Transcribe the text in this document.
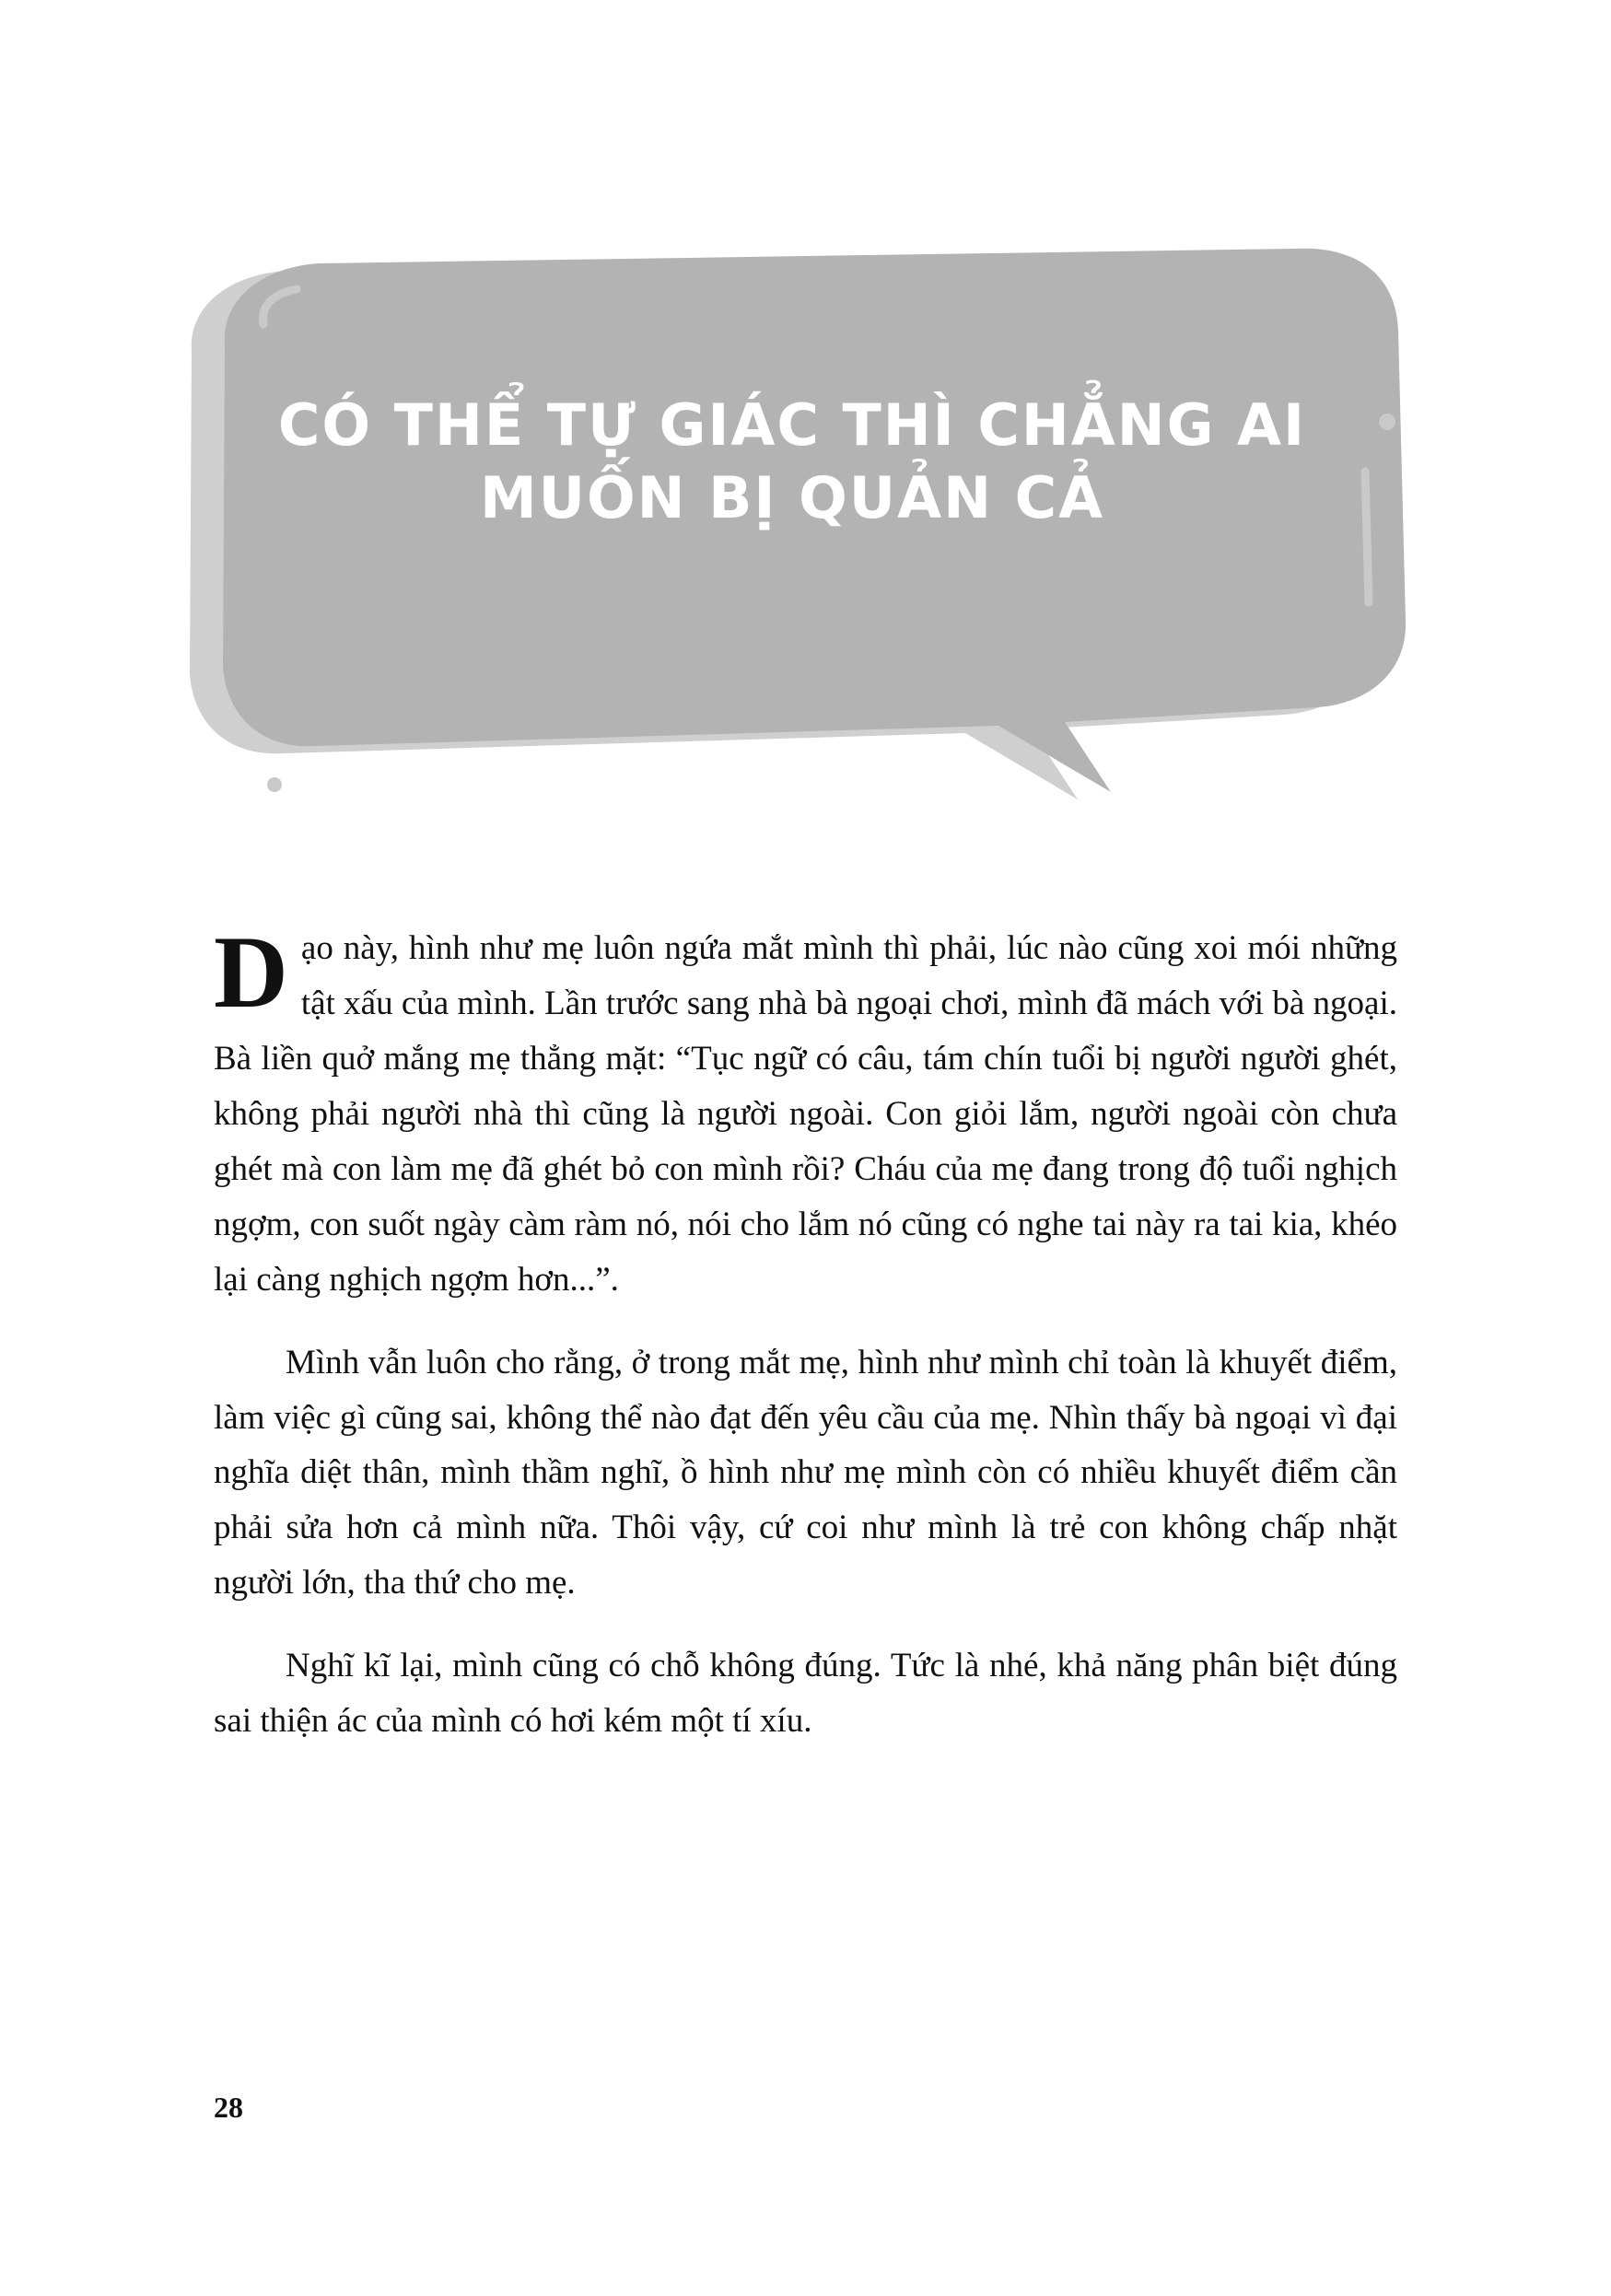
CÓ THỂ TỰ GIÁC THÌ CHẲNG AI
MUỐN BỊ QUẢN CẢ

Dạo này, hình như mẹ luôn ngứa mắt mình thì phải, lúc nào cũng xoi mói những tật xấu của mình. Lần trước sang nhà bà ngoại chơi, mình đã mách với bà ngoại. Bà liền quở mắng mẹ thẳng mặt: “Tục ngữ có câu, tám chín tuổi bị người người ghét, không phải người nhà thì cũng là người ngoài. Con giỏi lắm, người ngoài còn chưa ghét mà con làm mẹ đã ghét bỏ con mình rồi? Cháu của mẹ đang trong độ tuổi nghịch ngợm, con suốt ngày càm ràm nó, nói cho lắm nó cũng có nghe tai này ra tai kia, khéo lại càng nghịch ngợm hơn...”.

Mình vẫn luôn cho rằng, ở trong mắt mẹ, hình như mình chỉ toàn là khuyết điểm, làm việc gì cũng sai, không thể nào đạt đến yêu cầu của mẹ. Nhìn thấy bà ngoại vì đại nghĩa diệt thân, mình thầm nghĩ, ồ hình như mẹ mình còn có nhiều khuyết điểm cần phải sửa hơn cả mình nữa. Thôi vậy, cứ coi như mình là trẻ con không chấp nhặt người lớn, tha thứ cho mẹ.

Nghĩ kĩ lại, mình cũng có chỗ không đúng. Tức là nhé, khả năng phân biệt đúng sai thiện ác của mình có hơi kém một tí xíu.

28
